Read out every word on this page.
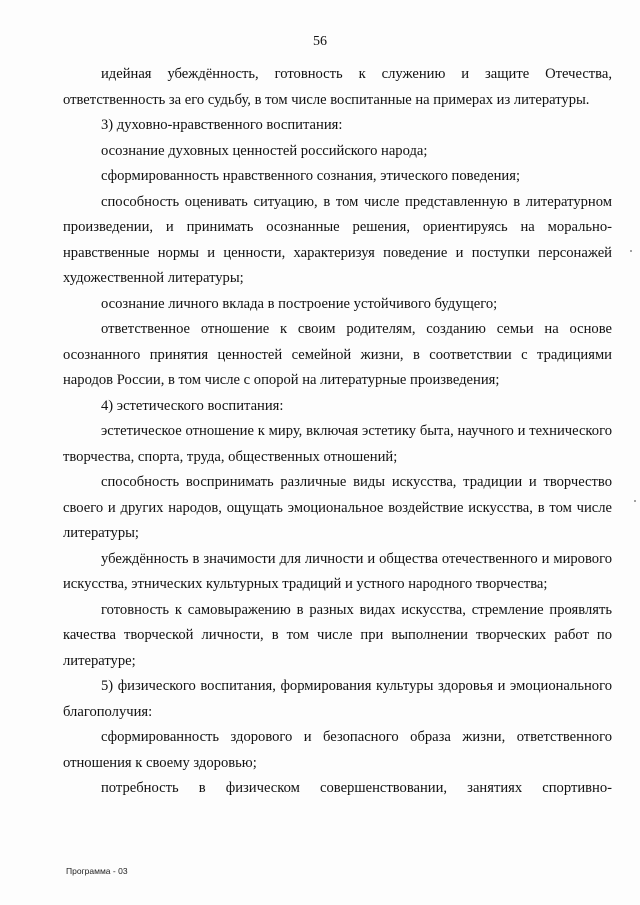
56

идейная убеждённость, готовность к служению и защите Отечества, ответственность за его судьбу, в том числе воспитанные на примерах из литературы.

3) духовно-нравственного воспитания:

осознание духовных ценностей российского народа;

сформированность нравственного сознания, этического поведения;

способность оценивать ситуацию, в том числе представленную в литературном произведении, и принимать осознанные решения, ориентируясь на морально-нравственные нормы и ценности, характеризуя поведение и поступки персонажей художественной литературы;

осознание личного вклада в построение устойчивого будущего;

ответственное отношение к своим родителям, созданию семьи на основе осознанного принятия ценностей семейной жизни, в соответствии с традициями народов России, в том числе с опорой на литературные произведения;

4) эстетического воспитания:

эстетическое отношение к миру, включая эстетику быта, научного и технического творчества, спорта, труда, общественных отношений;

способность воспринимать различные виды искусства, традиции и творчество своего и других народов, ощущать эмоциональное воздействие искусства, в том числе литературы;

убеждённость в значимости для личности и общества отечественного и мирового искусства, этнических культурных традиций и устного народного творчества;

готовность к самовыражению в разных видах искусства, стремление проявлять качества творческой личности, в том числе при выполнении творческих работ по литературе;

5) физического воспитания, формирования культуры здоровья и эмоционального благополучия:

сформированность здорового и безопасного образа жизни, ответственного отношения к своему здоровью;

потребность в физическом совершенствовании, занятиях спортивно-

Программа - 03
